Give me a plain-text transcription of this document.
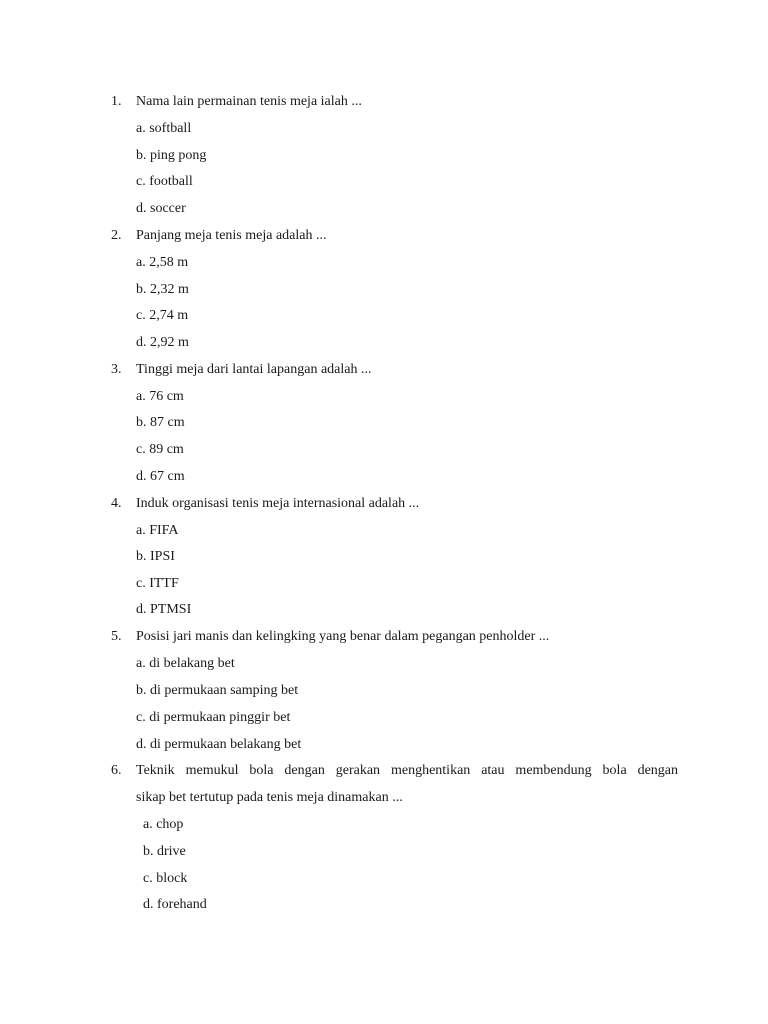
1. Nama lain permainan tenis meja ialah ...
a. softball
b. ping pong
c. football
d. soccer
2. Panjang meja tenis meja adalah ...
a. 2,58 m
b. 2,32 m
c. 2,74 m
d. 2,92 m
3. Tinggi meja dari lantai lapangan adalah ...
a. 76 cm
b. 87 cm
c. 89 cm
d. 67 cm
4. Induk organisasi tenis meja internasional adalah ...
a. FIFA
b. IPSI
c. ITTF
d. PTMSI
5. Posisi jari manis dan kelingking yang benar dalam pegangan penholder ...
a. di belakang bet
b. di permukaan samping bet
c. di permukaan pinggir bet
d. di permukaan belakang bet
6. Teknik memukul bola dengan gerakan menghentikan atau membendung bola dengan
sikap bet tertutup pada tenis meja dinamakan ...
a. chop
b. drive
c. block
d. forehand
